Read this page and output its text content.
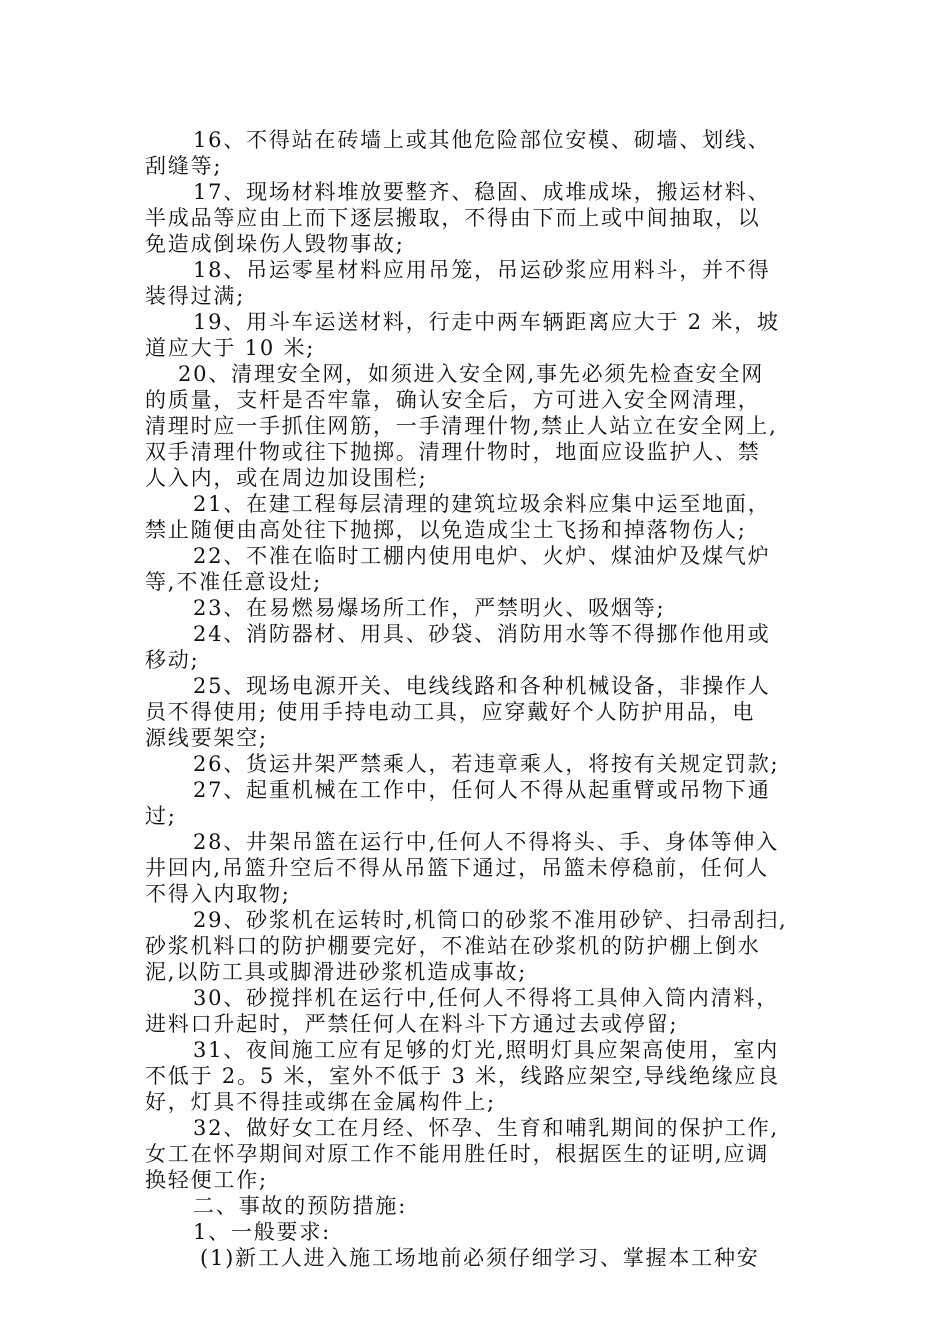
16、不得站在砖墙上或其他危险部位安模、砌墙、划线、
刮缝等;
17、现场材料堆放要整齐、稳固、成堆成垛，搬运材料、
半成品等应由上而下逐层搬取，不得由下而上或中间抽取，以
免造成倒垛伤人毁物事故;
18、吊运零星材料应用吊笼，吊运砂浆应用料斗，并不得
装得过满;
19、用斗车运送材料，行走中两车辆距离应大于 2 米，坡
道应大于 10 米;
20、清理安全网，如须进入安全网,事先必须先检查安全网
的质量，支杆是否牢靠，确认安全后，方可进入安全网清理，
清理时应一手抓住网筋，一手清理什物,禁止人站立在安全网上,
双手清理什物或往下抛掷。清理什物时，地面应设监护人、禁
人入内，或在周边加设围栏;
21、在建工程每层清理的建筑垃圾余料应集中运至地面，
禁止随便由高处往下抛掷，以免造成尘土飞扬和掉落物伤人;
22、不准在临时工棚内使用电炉、火炉、煤油炉及煤气炉
等,不准任意设灶;
23、在易燃易爆场所工作，严禁明火、吸烟等;
24、消防器材、用具、砂袋、消防用水等不得挪作他用或
移动;
25、现场电源开关、电线线路和各种机械设备，非操作人
员不得使用; 使用手持电动工具，应穿戴好个人防护用品，电
源线要架空;
26、货运井架严禁乘人，若违章乘人，将按有关规定罚款;
27、起重机械在工作中，任何人不得从起重臂或吊物下通
过;
28、井架吊篮在运行中,任何人不得将头、手、身体等伸入
井回内,吊篮升空后不得从吊篮下通过，吊篮未停稳前，任何人
不得入内取物;
29、砂浆机在运转时,机筒口的砂浆不准用砂铲、扫帚刮扫,
砂浆机料口的防护棚要完好，不准站在砂浆机的防护棚上倒水
泥,以防工具或脚滑进砂浆机造成事故;
30、砂搅拌机在运行中,任何人不得将工具伸入筒内清料，
进料口升起时，严禁任何人在料斗下方通过去或停留;
31、夜间施工应有足够的灯光,照明灯具应架高使用，室内
不低于 2。5 米，室外不低于 3 米，线路应架空,导线绝缘应良
好，灯具不得挂或绑在金属构件上;
32、做好女工在月经、怀孕、生育和哺乳期间的保护工作,
女工在怀孕期间对原工作不能用胜任时，根据医生的证明,应调
换轻便工作;
二、事故的预防措施:
1、一般要求:
(1)新工人进入施工场地前必须仔细学习、掌握本工种安
